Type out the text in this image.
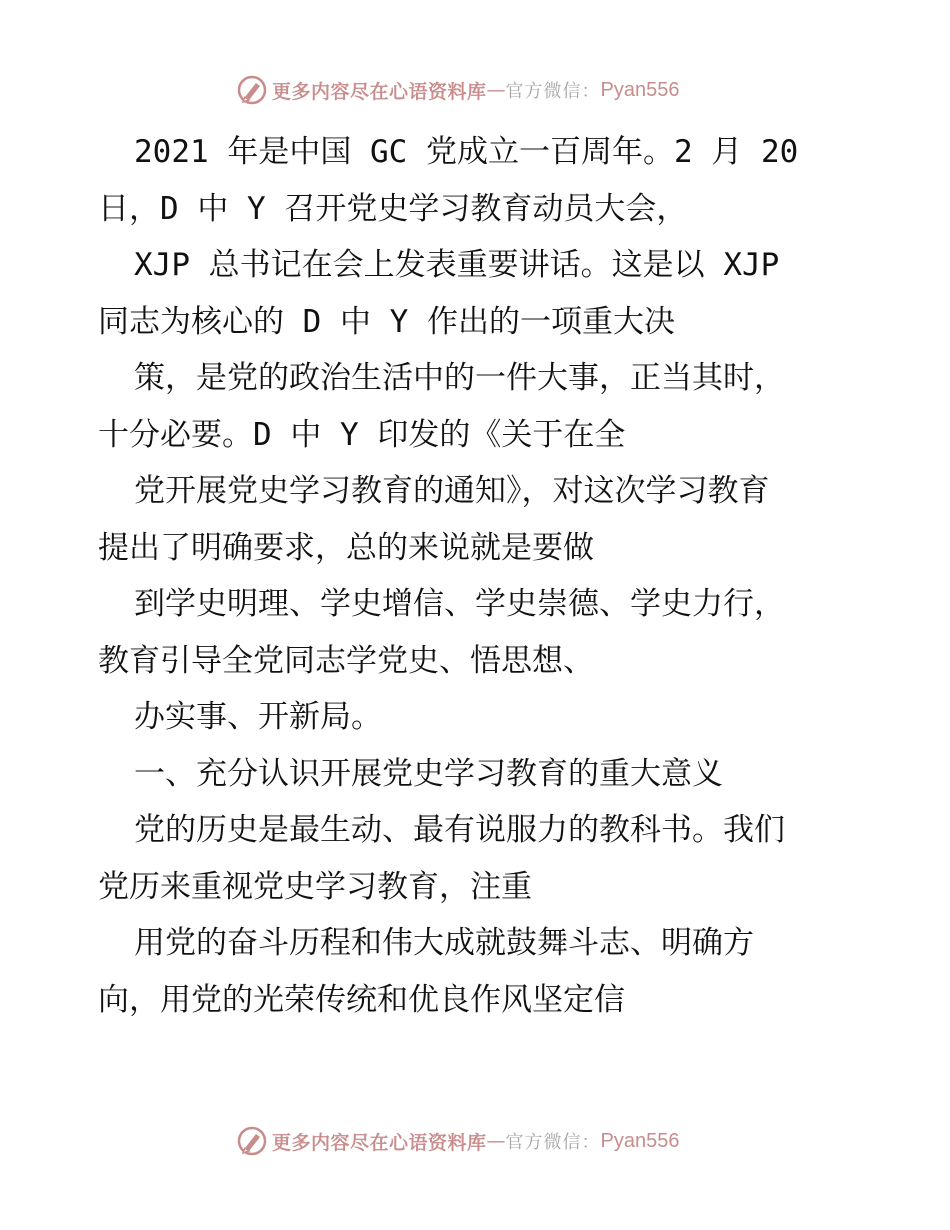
更多内容尽在心语资料库 — 官方微信： Pyan556
2021 年是中国 GC 党成立一百周年。2 月 20
日，D 中 Y 召开党史学习教育动员大会，
XJP 总书记在会上发表重要讲话。这是以 XJP
同志为核心的 D 中 Y 作出的一项重大决
策，是党的政治生活中的一件大事，正当其时，
十分必要。D 中 Y 印发的《关于在全
党开展党史学习教育的通知》，对这次学习教育
提出了明确要求，总的来说就是要做
到学史明理、学史增信、学史崇德、学史力行，
教育引导全党同志学党史、悟思想、
办实事、开新局。
一、充分认识开展党史学习教育的重大意义
党的历史是最生动、最有说服力的教科书。我们
党历来重视党史学习教育，注重
用党的奋斗历程和伟大成就鼓舞斗志、明确方
向，用党的光荣传统和优良作风坚定信
更多内容尽在心语资料库 — 官方微信： Pyan556
